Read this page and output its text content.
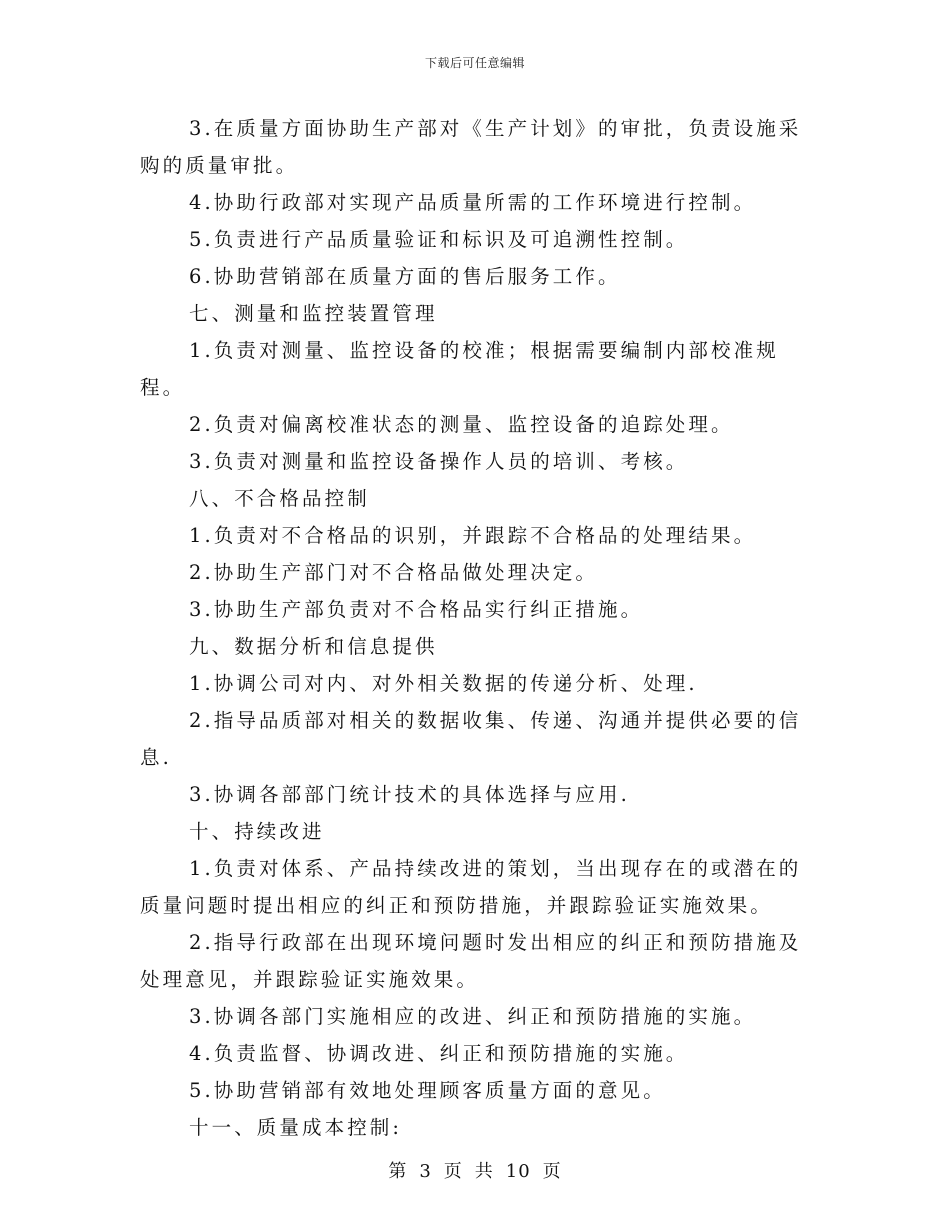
下载后可任意编辑

3.在质量方面协助生产部对《生产计划》的审批，负责设施采购的质量审批。

4.协助行政部对实现产品质量所需的工作环境进行控制。

5.负责进行产品质量验证和标识及可追溯性控制。

6.协助营销部在质量方面的售后服务工作。

七、测量和监控装置管理

1.负责对测量、监控设备的校准；根据需要编制内部校准规程。

2.负责对偏离校准状态的测量、监控设备的追踪处理。

3.负责对测量和监控设备操作人员的培训、考核。

八、不合格品控制

1.负责对不合格品的识别，并跟踪不合格品的处理结果。

2.协助生产部门对不合格品做处理决定。

3.协助生产部负责对不合格品实行纠正措施。

九、数据分析和信息提供

1.协调公司对内、对外相关数据的传递分析、处理.

2.指导品质部对相关的数据收集、传递、沟通并提供必要的信息.

3.协调各部部门统计技术的具体选择与应用.

十、持续改进

1.负责对体系、产品持续改进的策划，当出现存在的或潜在的质量问题时提出相应的纠正和预防措施，并跟踪验证实施效果。

2.指导行政部在出现环境问题时发出相应的纠正和预防措施及处理意见，并跟踪验证实施效果。

3.协调各部门实施相应的改进、纠正和预防措施的实施。

4.负责监督、协调改进、纠正和预防措施的实施。

5.协助营销部有效地处理顾客质量方面的意见。

十一、质量成本控制:

第 3 页 共 10 页
